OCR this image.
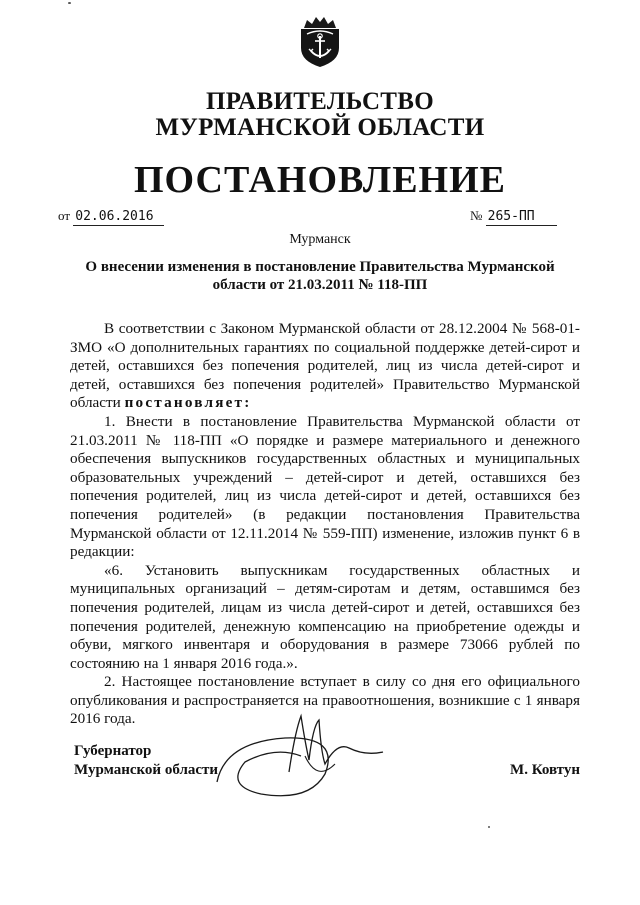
ПРАВИТЕЛЬСТВО
МУРМАНСКОЙ ОБЛАСТИ
ПОСТАНОВЛЕНИЕ
от 02.06.2016	№ 265-ПП
Мурманск
О внесении изменения в постановление Правительства Мурманской области от 21.03.2011 № 118-ПП

В соответствии с Законом Мурманской области от 28.12.2004 № 568-01-ЗМО «О дополнительных гарантиях по социальной поддержке детей-сирот и детей, оставшихся без попечения родителей, лиц из числа детей-сирот и детей, оставшихся без попечения родителей» Правительство Мурманской области постановляет:

1. Внести в постановление Правительства Мурманской области от 21.03.2011 № 118-ПП «О порядке и размере материального и денежного обеспечения выпускников государственных областных и муниципальных образовательных учреждений – детей-сирот и детей, оставшихся без попечения родителей, лиц из числа детей-сирот и детей, оставшихся без попечения родителей» (в редакции постановления Правительства Мурманской области от 12.11.2014 № 559-ПП) изменение, изложив пункт 6 в редакции:

«6. Установить выпускникам государственных областных и муниципальных организаций – детям-сиротам и детям, оставшимся без попечения родителей, лицам из числа детей-сирот и детей, оставшихся без попечения родителей, денежную компенсацию на приобретение одежды и обуви, мягкого инвентаря и оборудования в размере 73066 рублей по состоянию на 1 января 2016 года.».

2. Настоящее постановление вступает в силу со дня его официального опубликования и распространяется на правоотношения, возникшие с 1 января 2016 года.

Губернатор
Мурманской области	М. Ковтун
